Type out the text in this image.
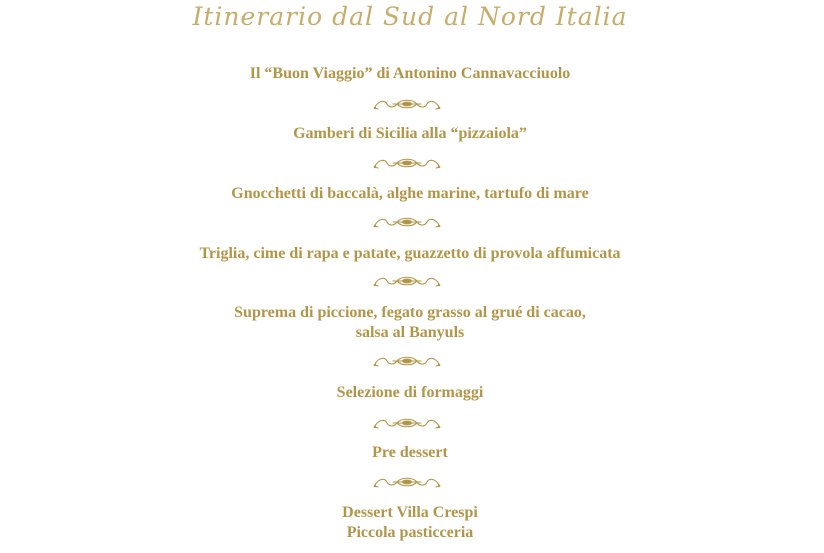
Itinerario dal Sud al Nord Italia
Il “Buon Viaggio” di Antonino Cannavacciuolo
Gamberi di Sicilia alla “pizzaiola”
Gnocchetti di baccalà, alghe marine, tartufo di mare
Triglia, cime di rapa e patate, guazzetto di provola affumicata
Suprema di piccione, fegato grasso al grué di cacao,
salsa al Banyuls
Selezione di formaggi
Pre dessert
Dessert Villa Crespi
Piccola pasticceria
